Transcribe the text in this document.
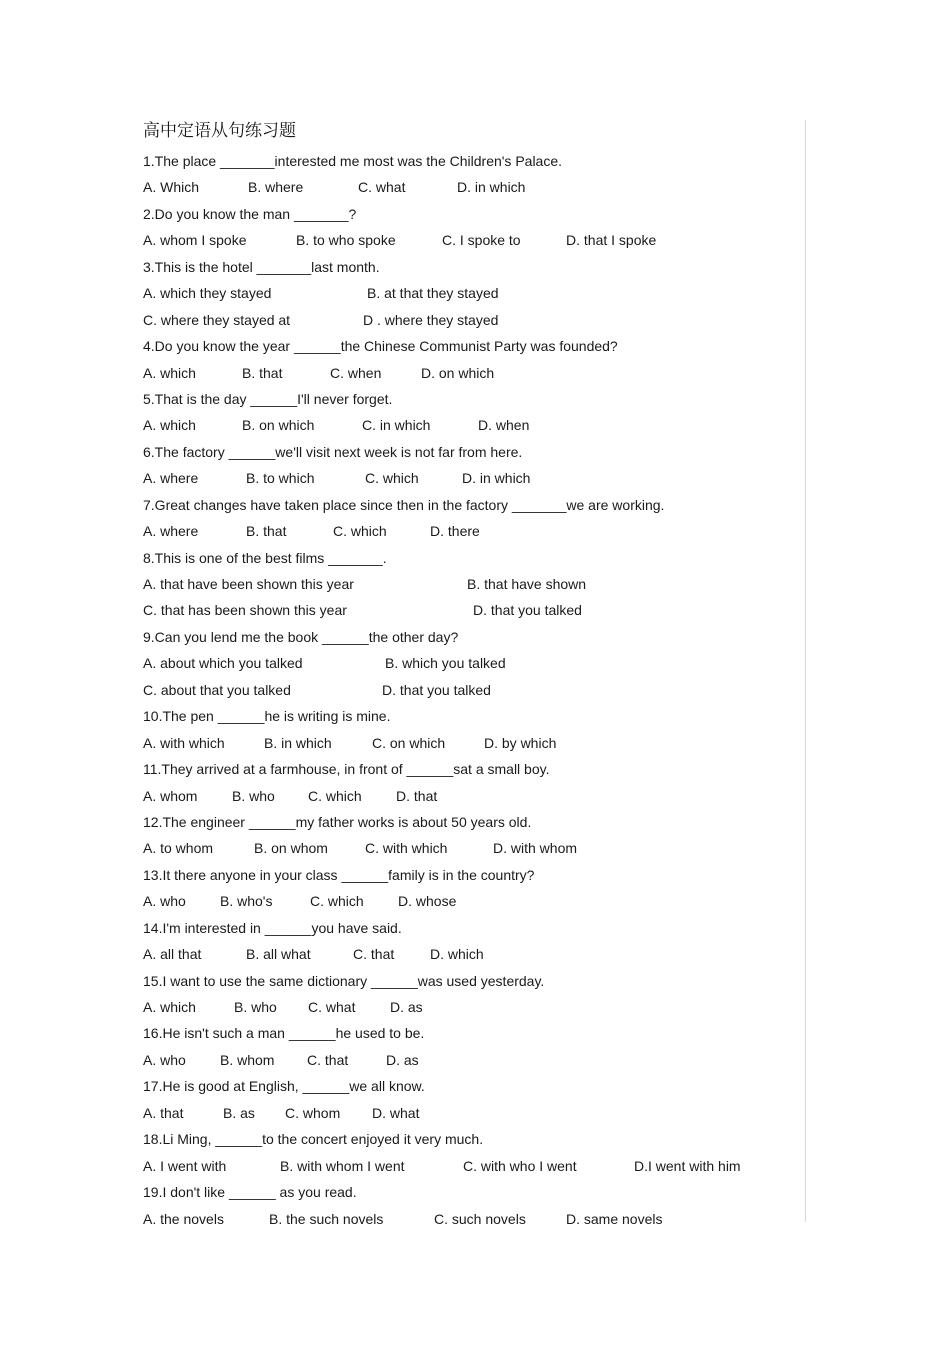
高中定语从句练习题
1.The place _______interested me most was the Children's Palace.
A. Which	B. where	C. what	D. in which
2.Do you know the man _______?
A. whom I spoke	B. to who spoke	C. I spoke to	D. that I spoke
3.This is the hotel _______last month.
A. which they stayed	B. at that they stayed
C. where they stayed at	D . where they stayed
4.Do you know the year ______the Chinese Communist Party was founded?
A. which	B. that	C. when	D. on which
5.That is the day ______I'll never forget.
A. which	B. on which	C. in which	D. when
6.The factory ______we'll visit next week is not far from here.
A. where	B. to which	C. which	D. in which
7.Great changes have taken place since then in the factory _______we are working.
A. where	B. that	C. which	D. there
8.This is one of the best films _______.
A. that have been shown this year	B. that have shown
C. that has been shown this year	D. that you talked
9.Can you lend me the book ______the other day?
A. about which you talked	B. which you talked
C. about that you talked	D. that you talked
10.The pen ______he is writing is mine.
A. with which	B. in which	C. on which	D. by which
11.They arrived at a farmhouse, in front of ______sat a small boy.
A. whom B. who C. which D. that
12.The engineer ______my father works is about 50 years old.
A. to whom	B. on whom	C. with which	D. with whom
13.It there anyone in your class ______family is in the country?
A. who B. who's	C. which D. whose
14.I'm interested in ______you have said.
A. all that	B. all what	C. that	D. which
15.I want to use the same dictionary ______was used yesterday.
A. which	B. who C. what D. as
16.He isn't such a man ______he used to be.
A. who B. whom C. that	D. as
17.He is good at English, ______we all know.
A. that	B. as C. whom D. what
18.Li Ming, ______to the concert enjoyed it very much.
A. I went with	B. with whom I went	C. with who I went	D.I went with him
19.I don't like ______ as you read.
A. the novels	B. the such novels	C. such novels	D. same novels
